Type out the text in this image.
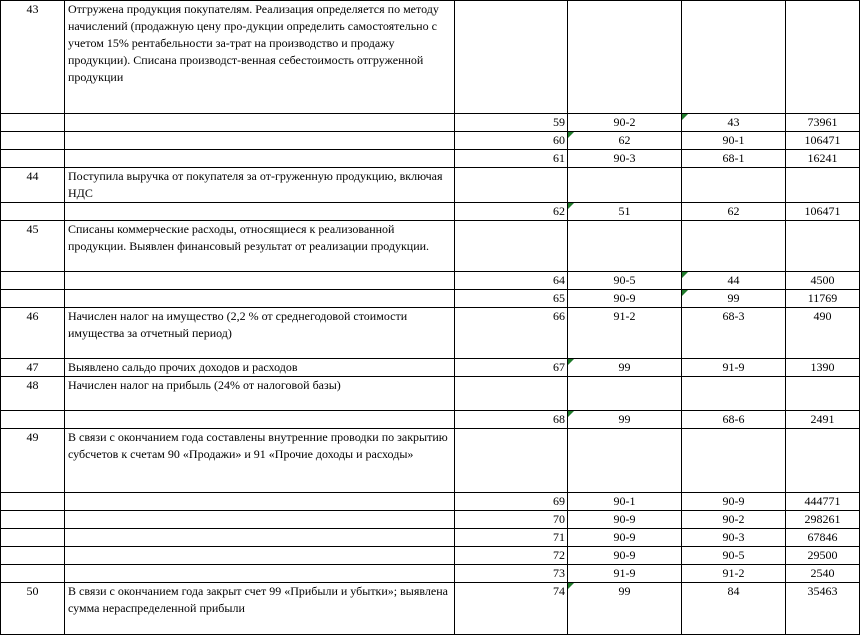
43	Отгружена продукция покупателям. Реализация определяется по методу начислений (продажную цену про-дукции определить самостоятельно с учетом 15% рентабельности за-трат на производство и продажу продукции). Списана производст-венная себестоимость отгруженной продукции				
		59	90-2	43	73961
		60	62	90-1	106471
		61	90-3	68-1	16241
44	Поступила выручка от покупателя за от-груженную продукцию, включая НДС				
		62	51	62	106471
45	Списаны коммерческие расходы, относящиеся к реализованной продукции. Выявлен финансовый результат от реализации продукции.				
		64	90-5	44	4500
		65	90-9	99	11769
46	Начислен налог на имущество (2,2 % от среднегодовой стоимости имущества за отчетный период)	66	91-2	68-3	490
47	Выявлено сальдо прочих доходов и расходов	67	99	91-9	1390
48	Начислен налог на прибыль (24% от налоговой базы)				
		68	99	68-6	2491
49	В связи с окончанием года составлены внутренние проводки по закрытию субсчетов к счетам 90 «Продажи» и 91 «Прочие доходы и расходы»				
		69	90-1	90-9	444771
		70	90-9	90-2	298261
		71	90-9	90-3	67846
		72	90-9	90-5	29500
		73	91-9	91-2	2540
50	В связи с окончанием года закрыт счет 99 «Прибыли и убытки»; выявлена сумма нераспределенной прибыли	74	99	84	35463
